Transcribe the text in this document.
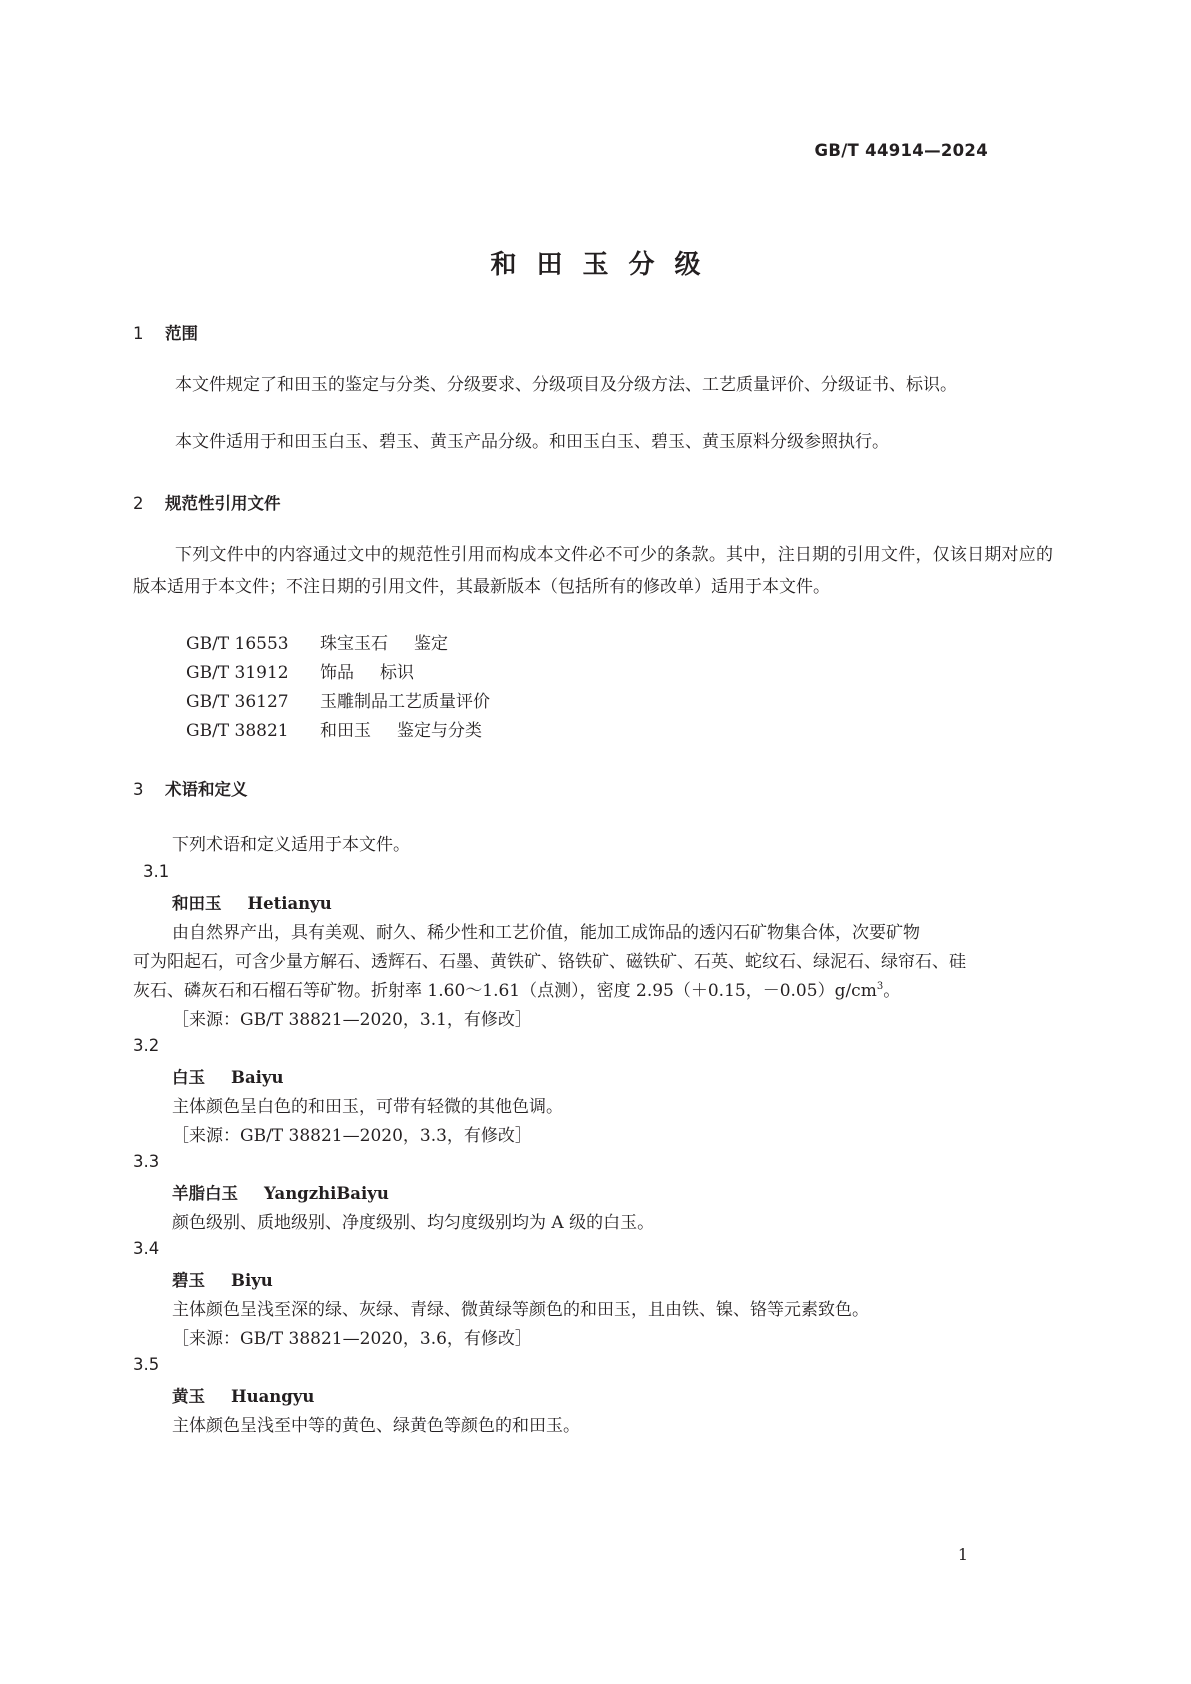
GB/T 44914—2024
和田玉分级
1 范围
本文件规定了和田玉的鉴定与分类、分级要求、分级项目及分级方法、工艺质量评价、分级证书、标识。
本文件适用于和田玉白玉、碧玉、黄玉产品分级。和田玉白玉、碧玉、黄玉原料分级参照执行。
2 规范性引用文件
下列文件中的内容通过文中的规范性引用而构成本文件必不可少的条款。其中，注日期的引用文件，仅该日期对应的版本适用于本文件；不注日期的引用文件，其最新版本（包括所有的修改单）适用于本文件。
GB/T 16553 珠宝玉石 鉴定
GB/T 31912 饰品 标识
GB/T 36127 玉雕制品工艺质量评价
GB/T 38821 和田玉 鉴定与分类
3 术语和定义
下列术语和定义适用于本文件。
3.1
和田玉 Hetianyu
由自然界产出，具有美观、耐久、稀少性和工艺价值，能加工成饰品的透闪石矿物集合体，次要矿物
可为阳起石，可含少量方解石、透辉石、石墨、黄铁矿、铬铁矿、磁铁矿、石英、蛇纹石、绿泥石、绿帘石、硅
灰石、磷灰石和石榴石等矿物。折射率 1.60～1.61（点测），密度 2.95（＋0.15，$-0.05)g/cm^3$。
［来源：GB/T 38821—2020，3.1，有修改］
3.2
白玉 Baiyu
主体颜色呈白色的和田玉，可带有轻微的其他色调。
［来源：GB/T 38821—2020，3.3，有修改］
3.3
羊脂白玉 YangzhiBaiyu
颜色级别、质地级别、净度级别、均匀度级别均为 A 级的白玉。
3.4
碧玉 Biyu
主体颜色呈浅至深的绿、灰绿、青绿、微黄绿等颜色的和田玉，且由铁、镍、铬等元素致色。
［来源：GB/T 38821—2020，3.6，有修改］
3.5
黄玉 Huangyu
主体颜色呈浅至中等的黄色、绿黄色等颜色的和田玉。
1
